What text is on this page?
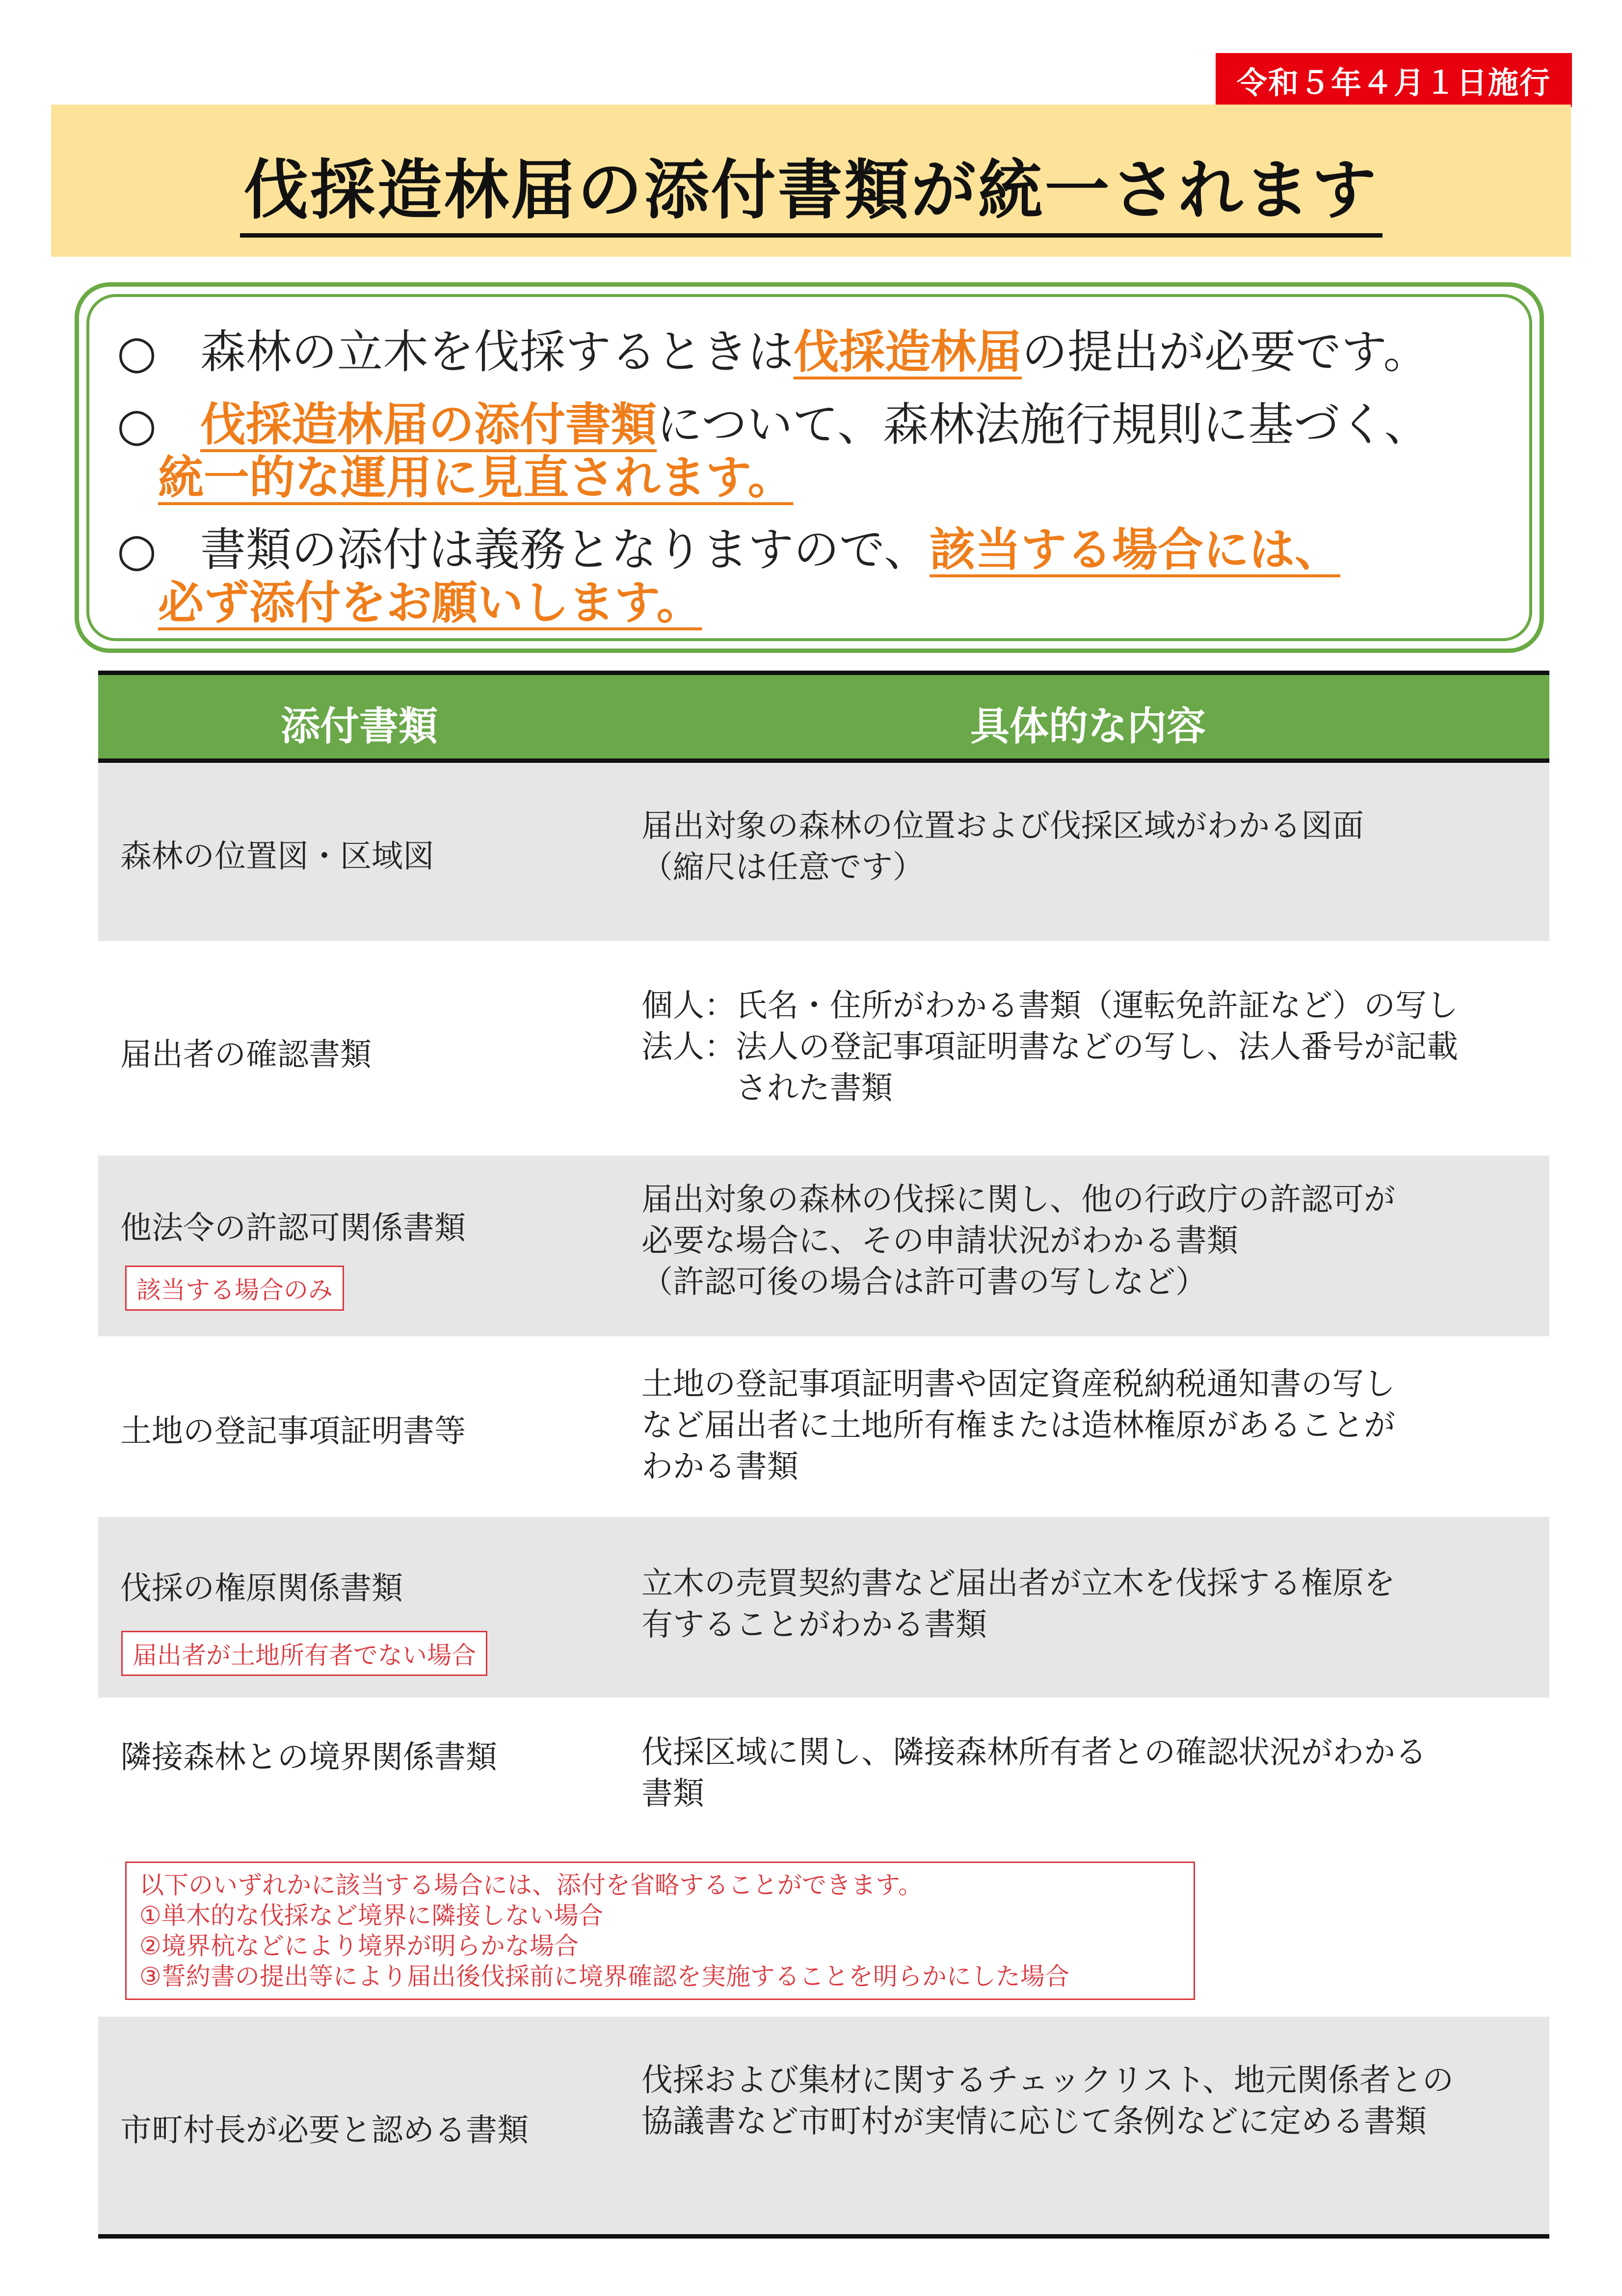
令和５年４月１日施行
伐採造林届の添付書類が統一されます
○ 森林の立木を伐採するときは伐採造林届の提出が必要です。
○ 伐採造林届の添付書類について、森林法施行規則に基づく、
統一的な運用に見直されます。
○ 書類の添付は義務となりますので、該当する場合には、
必ず添付をお願いします。
添付書類	具体的な内容
森林の位置図・区域図
届出対象の森林の位置および伐採区域がわかる図面
（縮尺は任意です）
届出者の確認書類
個人：氏名・住所がわかる書類（運転免許証など）の写し
法人：法人の登記事項証明書などの写し、法人番号が記載
　　　された書類
他法令の許認可関係書類
該当する場合のみ
届出対象の森林の伐採に関し、他の行政庁の許認可が
必要な場合に、その申請状況がわかる書類
（許認可後の場合は許可書の写しなど）
土地の登記事項証明書等
土地の登記事項証明書や固定資産税納税通知書の写し
など届出者に土地所有権または造林権原があることが
わかる書類
伐採の権原関係書類
届出者が土地所有者でない場合
立木の売買契約書など届出者が立木を伐採する権原を
有することがわかる書類
隣接森林との境界関係書類	伐採区域に関し、隣接森林所有者との確認状況がわかる
書類
以下のいずれかに該当する場合には、添付を省略することができます。
①単木的な伐採など境界に隣接しない場合
②境界杭などにより境界が明らかな場合
③誓約書の提出等により届出後伐採前に境界確認を実施することを明らかにした場合
市町村長が必要と認める書類
伐採および集材に関するチェックリスト、地元関係者との
協議書など市町村が実情に応じて条例などに定める書類
